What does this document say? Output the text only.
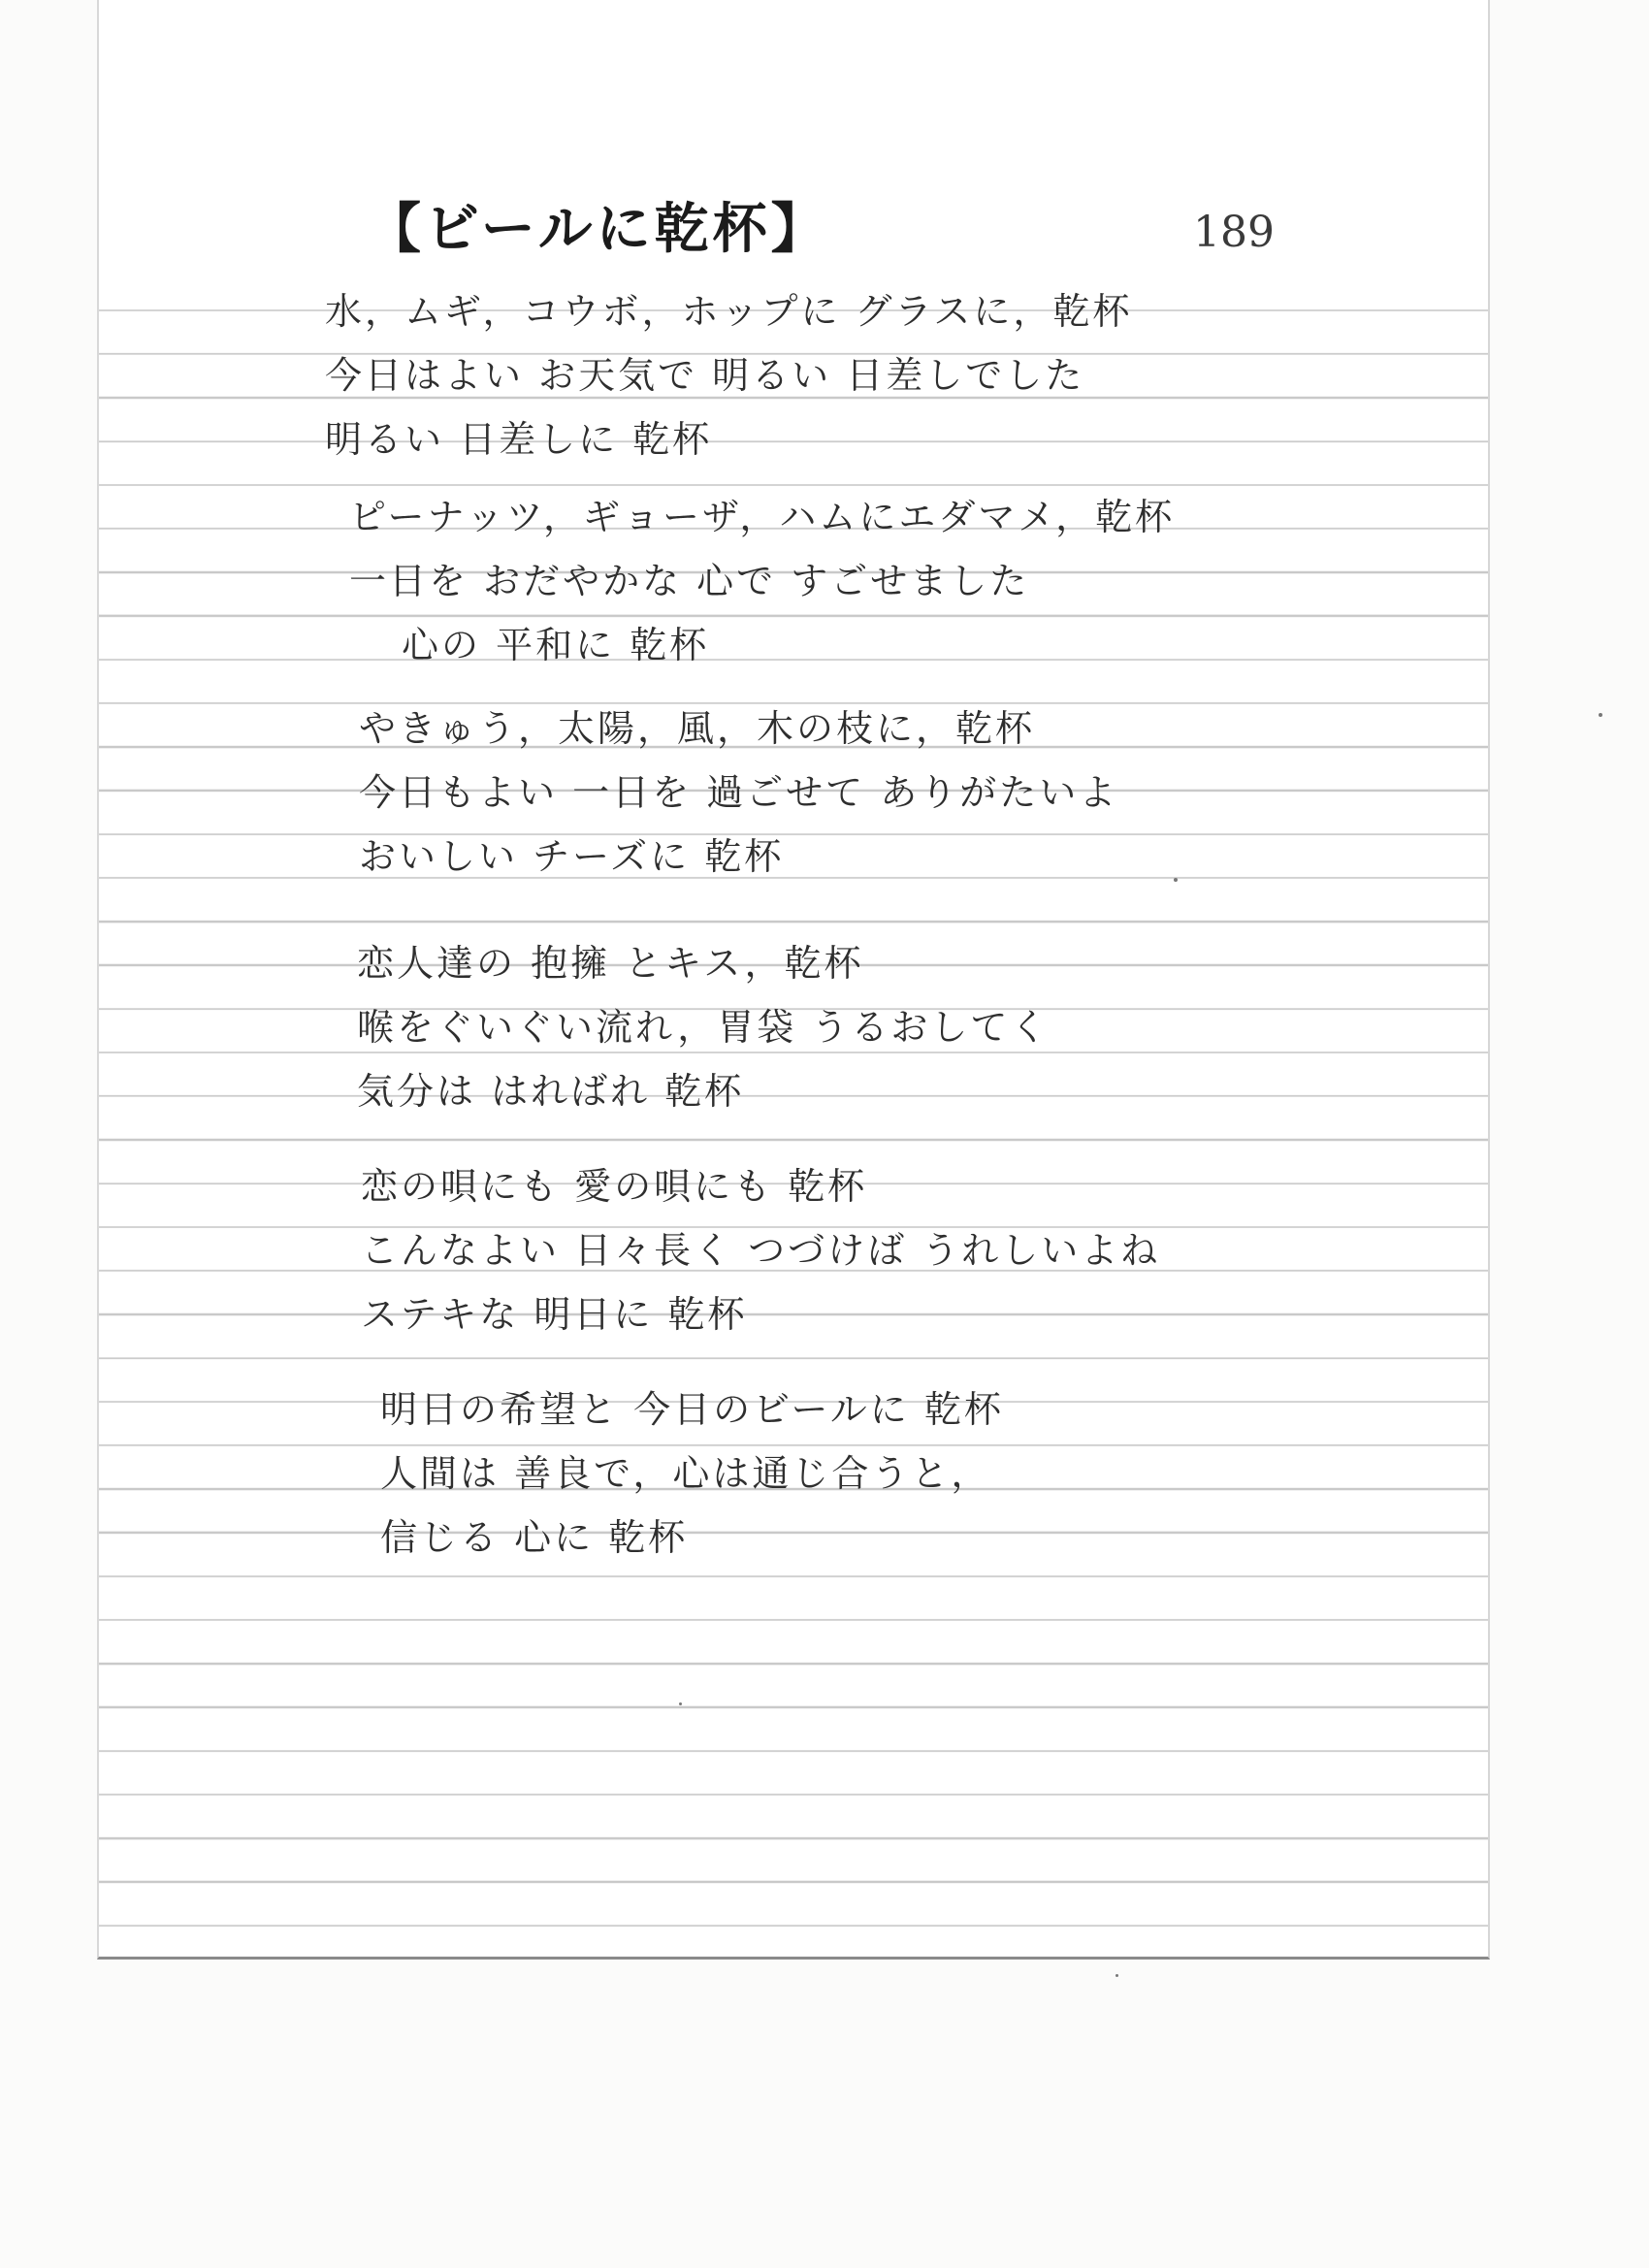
【ビールに乾杯】	189
水，ムギ，コウボ，ホップに グラスに，乾杯
今日はよい お天気で 明るい 日差しでした
明るい 日差しに 乾杯
ピーナッツ，ギョーザ，ハムにエダマメ，乾杯
一日を おだやかな 心で すごせました
心の 平和に 乾杯
やきゅう，太陽，風，木の枝に，乾杯
今日もよい 一日を 過ごせて ありがたいよ
おいしい チーズに 乾杯
恋人達の 抱擁 とキス，乾杯
喉をぐいぐい流れ，胃袋 うるおしてく
気分は はればれ 乾杯
恋の唄にも 愛の唄にも 乾杯
こんなよい 日々長く つづけば うれしいよね
ステキな 明日に 乾杯
明日の希望と 今日のビールに 乾杯
人間は 善良で，心は通じ合うと，
信じる 心に 乾杯
